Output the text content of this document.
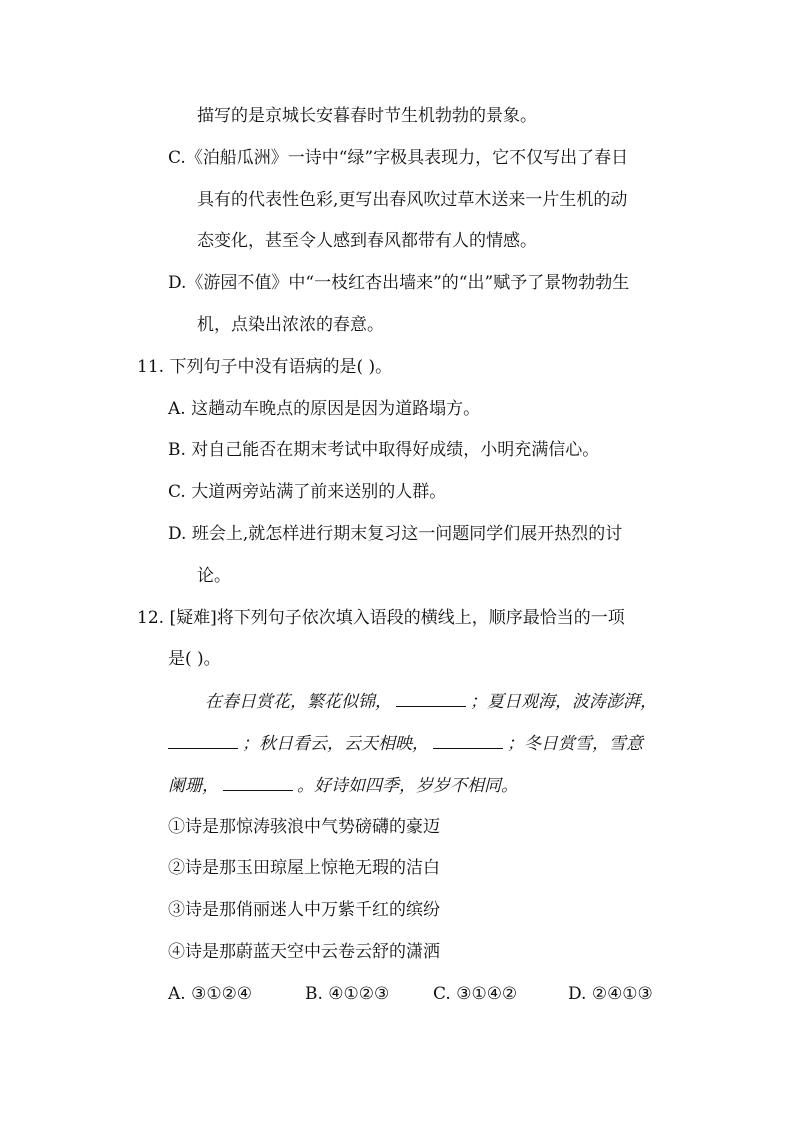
描写的是京城长安暮春时节生机勃勃的景象。
C.《泊船瓜洲》一诗中“绿”字极具表现力，它不仅写出了春日
具有的代表性色彩,更写出春风吹过草木送来一片生机的动
态变化，甚至令人感到春风都带有人的情感。
D.《游园不值》中“一枝红杏出墙来”的“出”赋予了景物勃勃生
机，点染出浓浓的春意。
11. 下列句子中没有语病的是( )。
A. 这趟动车晚点的原因是因为道路塌方。
B. 对自己能否在期末考试中取得好成绩，小明充满信心。
C. 大道两旁站满了前来送别的人群。
D. 班会上,就怎样进行期末复习这一问题同学们展开热烈的讨
论。
12. [疑难]将下列句子依次填入语段的横线上，顺序最恰当的一项
是( )。
在春日赏花，繁花似锦，	；夏日观海，波涛澎湃，
；秋日看云，云天相映，	；冬日赏雪，雪意
阑珊，	。好诗如四季，岁岁不相同。
①诗是那惊涛骇浪中气势磅礴的豪迈
②诗是那玉田琼屋上惊艳无瑕的洁白
③诗是那俏丽迷人中万紫千红的缤纷
④诗是那蔚蓝天空中云卷云舒的潇洒
A. ③①②④	B. ④①②③	C. ③①④②	D. ②④①③
